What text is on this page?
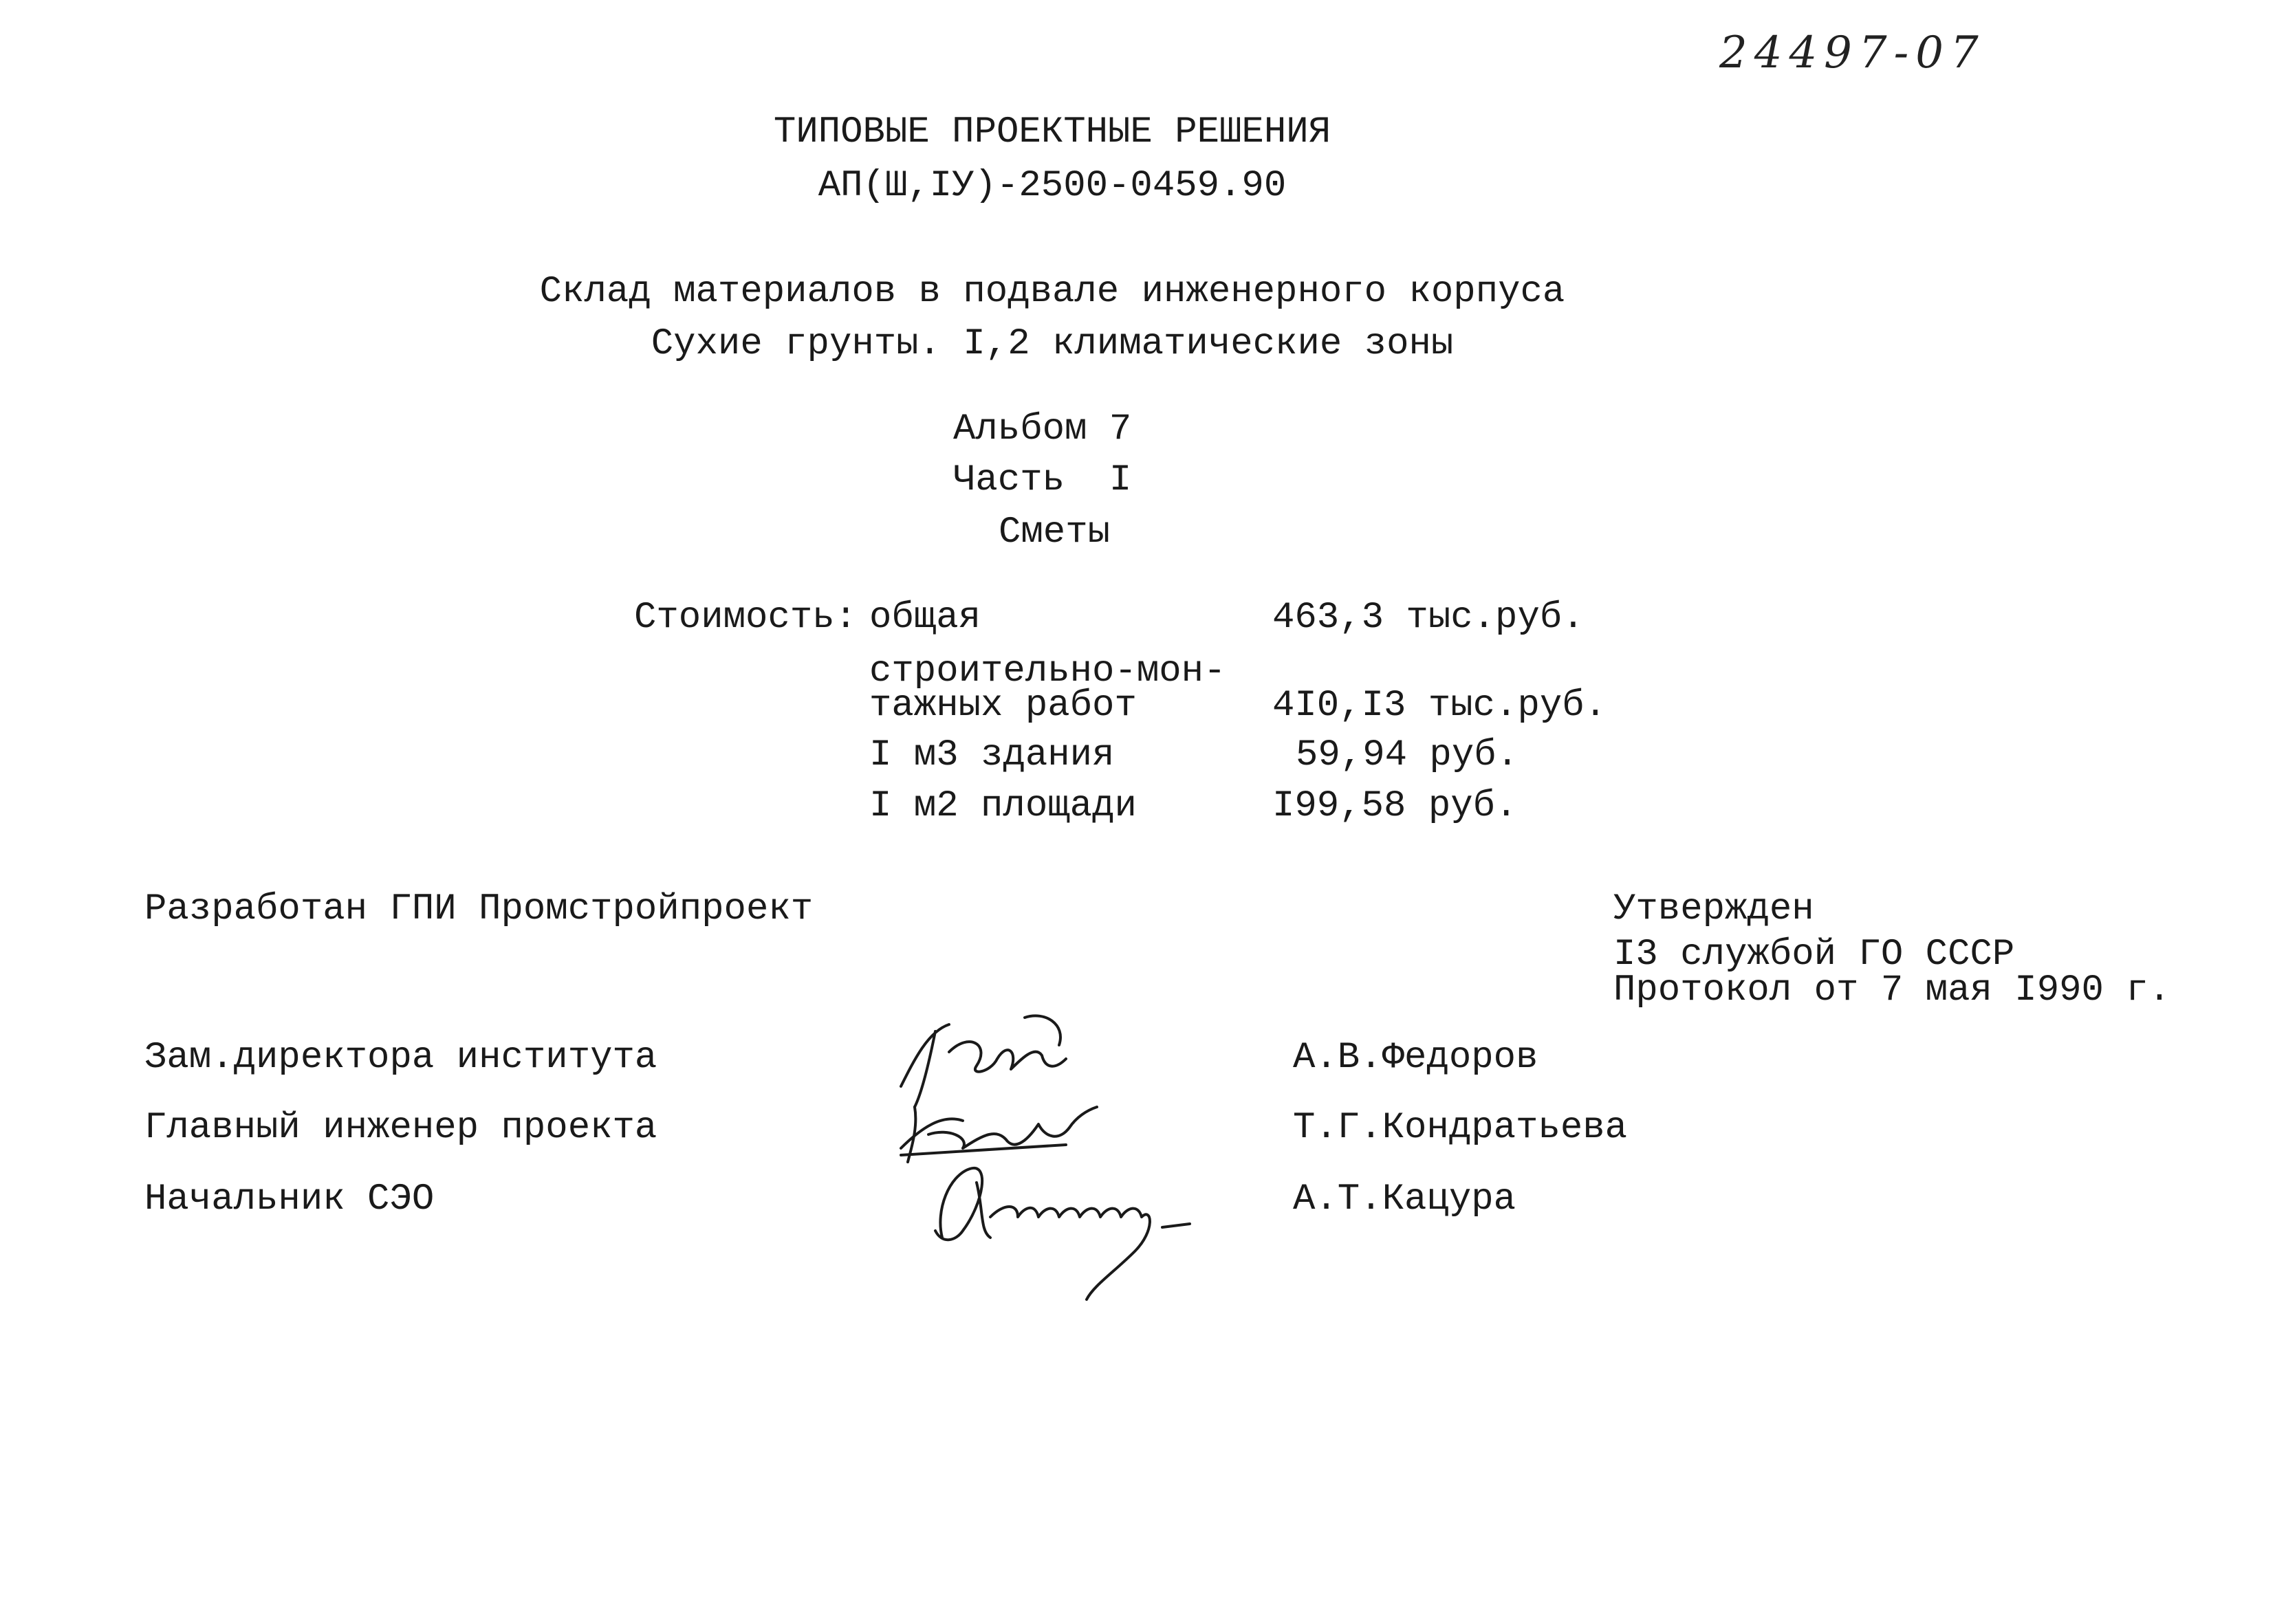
24497-07
ТИПОВЫЕ ПРОЕКТНЫЕ РЕШЕНИЯ
АП(Ш,IУ)-2500-0459.90
Склад материалов в подвале инженерного корпуса
Сухие грунты. I,2 климатические зоны
Альбом 7
Часть  I
Сметы
Стоимость: общая	463,3 тыс.руб.
строительно-мон-
тажных работ	4I0,I3 тыс.руб.
I м3 здания	59,94 руб.
I м2 площади	I99,58 руб.
Разработан ГПИ Промстройпроект	Утвержден
I3 службой ГО СССР
Протокол от 7 мая I990 г.
Зам.директора института	А.В.Федоров
Главный инженер проекта	Т.Г.Кондратьева
Начальник СЭО	А.Т.Кацура
